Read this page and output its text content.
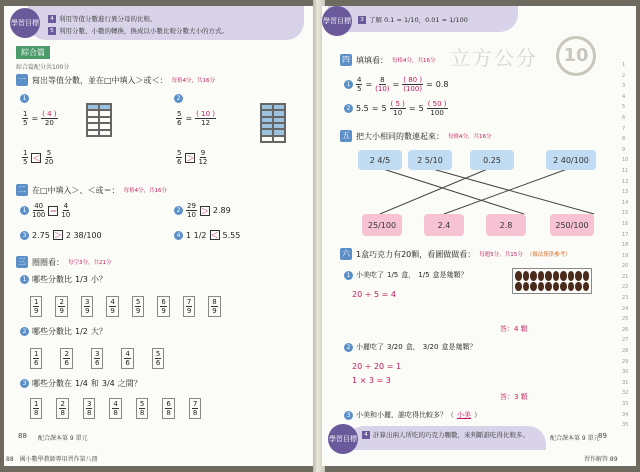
學習目標
4 利用等值分數進行異分母的比較。
5 利用分數、小數的轉換，換成以小數比較分數大小的方式。
綜合篇
綜合篇配分共100分
一 寫出等值分數，並在□中填入＞或＜： 每格4分，共16分
1
$\frac{1}{5} = \frac{( 4 )}{20}$
$\frac{1}{5} < \frac{5}{20}$
2
$\frac{5}{6} = \frac{( 10 )}{12}$
$\frac{5}{6} > \frac{9}{12}$
二 在□中填入＞、＜或＝： 每格4分，共16分
$1 \frac{40}{100} = \frac{4}{10}$	$2 \frac{29}{10} > 2.89$
3 2.75 ＞ 2 38/100	4 1 1/2 ＜ 5.55
三 圈圈看： 每空3分，共21分
1 哪些分數比 1/3 小？
$\frac{1}{9}$	$\frac{2}{9}$	$\frac{3}{9}$	$\frac{4}{9}$	$\frac{5}{9}$	$\frac{6}{9}$	$\frac{7}{9}$	$\frac{8}{9}$
2 哪些分數比 1/2 大？
$\frac{1}{6}$	$\frac{2}{6}$	$\frac{3}{6}$	$\frac{4}{6}$	$\frac{5}{6}$
3 哪些分數在 1/4 和 3/4 之間？
$\frac{1}{8}$	$\frac{2}{8}$	$\frac{3}{8}$	$\frac{4}{8}$	$\frac{5}{8}$	$\frac{6}{8}$	$\frac{7}{8}$
88 配合課本第 9 單元
88　國小數學教師專用習作第八冊
學習目標	3 了解 0.1 = 1/10，0.01 = 1/100
10
立方公分
四 填填看： 每格4分，共16分
$1 \frac{4}{5} = \frac{8}{(10)} = \frac{( 80 )}{(100)} = 0.8$
2 $5.5 = 5 \frac{( 5 )}{10} = 5 \frac{( 50 )}{100}$
五 把大小相同的數連起來： 每條4分，共16分
2 4/5	2 5/10	0.25	2 40/100
25/100	2.4	2.8	250/100
六 1盒巧克力有20顆，看圖做做看： 每題5分，共15分 （做法僅供參考）
1 小美吃了 1/5 盒， 1/5 盒是幾顆？
20 ÷ 5 = 4
答：4 顆
2 小麗吃了 3/20 盒， 3/20 盒是幾顆？
20 ÷ 20 = 1
1 × 3 = 3
答：3 顆
3 小美和小麗，誰吃得比較多？（ 小美 ）
學習目標
4 計算出兩人所吃的巧克力顆數，來判斷誰吃得比較多。	配合課本第 9 單元
89
習作解答 89
1
2
3
4
5
6
7
8
9
10
11
12
13
14
15
16
17
18
19
20
21
22
23
24
25
26
27
28
29
30
31
32
33
34
35
